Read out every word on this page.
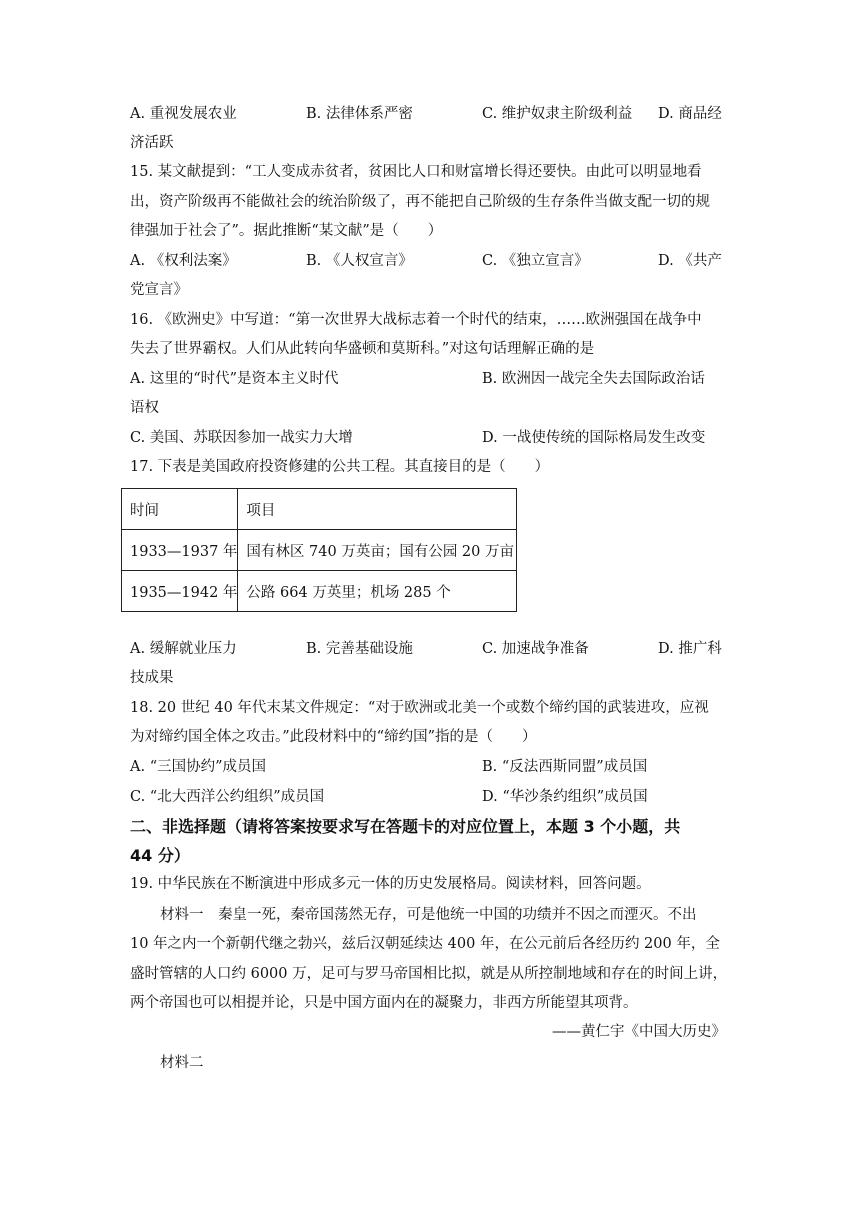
A. 重视发展农业	B. 法律体系严密	C. 维护奴隶主阶级利益 D. 商品经
济活跃
15. 某文献提到：“工人变成赤贫者，贫困比人口和财富增长得还要快。由此可以明显地看
出，资产阶级再不能做社会的统治阶级了，再不能把自己阶级的生存条件当做支配一切的规
律强加于社会了”。据此推断“某文献”是（　　）
A. 《权利法案》	B. 《人权宣言》	C. 《独立宣言》	D. 《共产
党宣言》
16. 《欧洲史》中写道：“第一次世界大战标志着一个时代的结束，……欧洲强国在战争中
失去了世界霸权。人们从此转向华盛顿和莫斯科。”对这句话理解正确的是
A. 这里的“时代”是资本主义时代	B. 欧洲因一战完全失去国际政治话
语权
C. 美国、苏联因参加一战实力大增	D. 一战使传统的国际格局发生改变
17. 下表是美国政府投资修建的公共工程。其直接目的是（　　）
时间	项目
1933—1937 年	国有林区 740 万英亩；国有公园 20 万亩
1935—1942 年	公路 664 万英里；机场 285 个
A. 缓解就业压力	B. 完善基础设施	C. 加速战争准备	D. 推广科
技成果
18. 20 世纪 40 年代末某文件规定：“对于欧洲或北美一个或数个缔约国的武装进攻，应视
为对缔约国全体之攻击。”此段材料中的“缔约国”指的是（　　）
A. “三国协约”成员国	B. “反法西斯同盟”成员国
C. “北大西洋公约组织”成员国	D. “华沙条约组织”成员国
二、非选择题（请将答案按要求写在答题卡的对应位置上，本题 3 个小题，共
44 分）
19. 中华民族在不断演进中形成多元一体的历史发展格局。阅读材料，回答问题。
材料一　秦皇一死，秦帝国荡然无存，可是他统一中国的功绩并不因之而湮灭。不出
10 年之内一个新朝代继之勃兴，兹后汉朝延续达 400 年，在公元前后各经历约 200 年，全
盛时管辖的人口约 6000 万，足可与罗马帝国相比拟，就是从所控制地域和存在的时间上讲，
两个帝国也可以相提并论，只是中国方面内在的凝聚力，非西方所能望其项背。
——黄仁宇《中国大历史》
材料二
